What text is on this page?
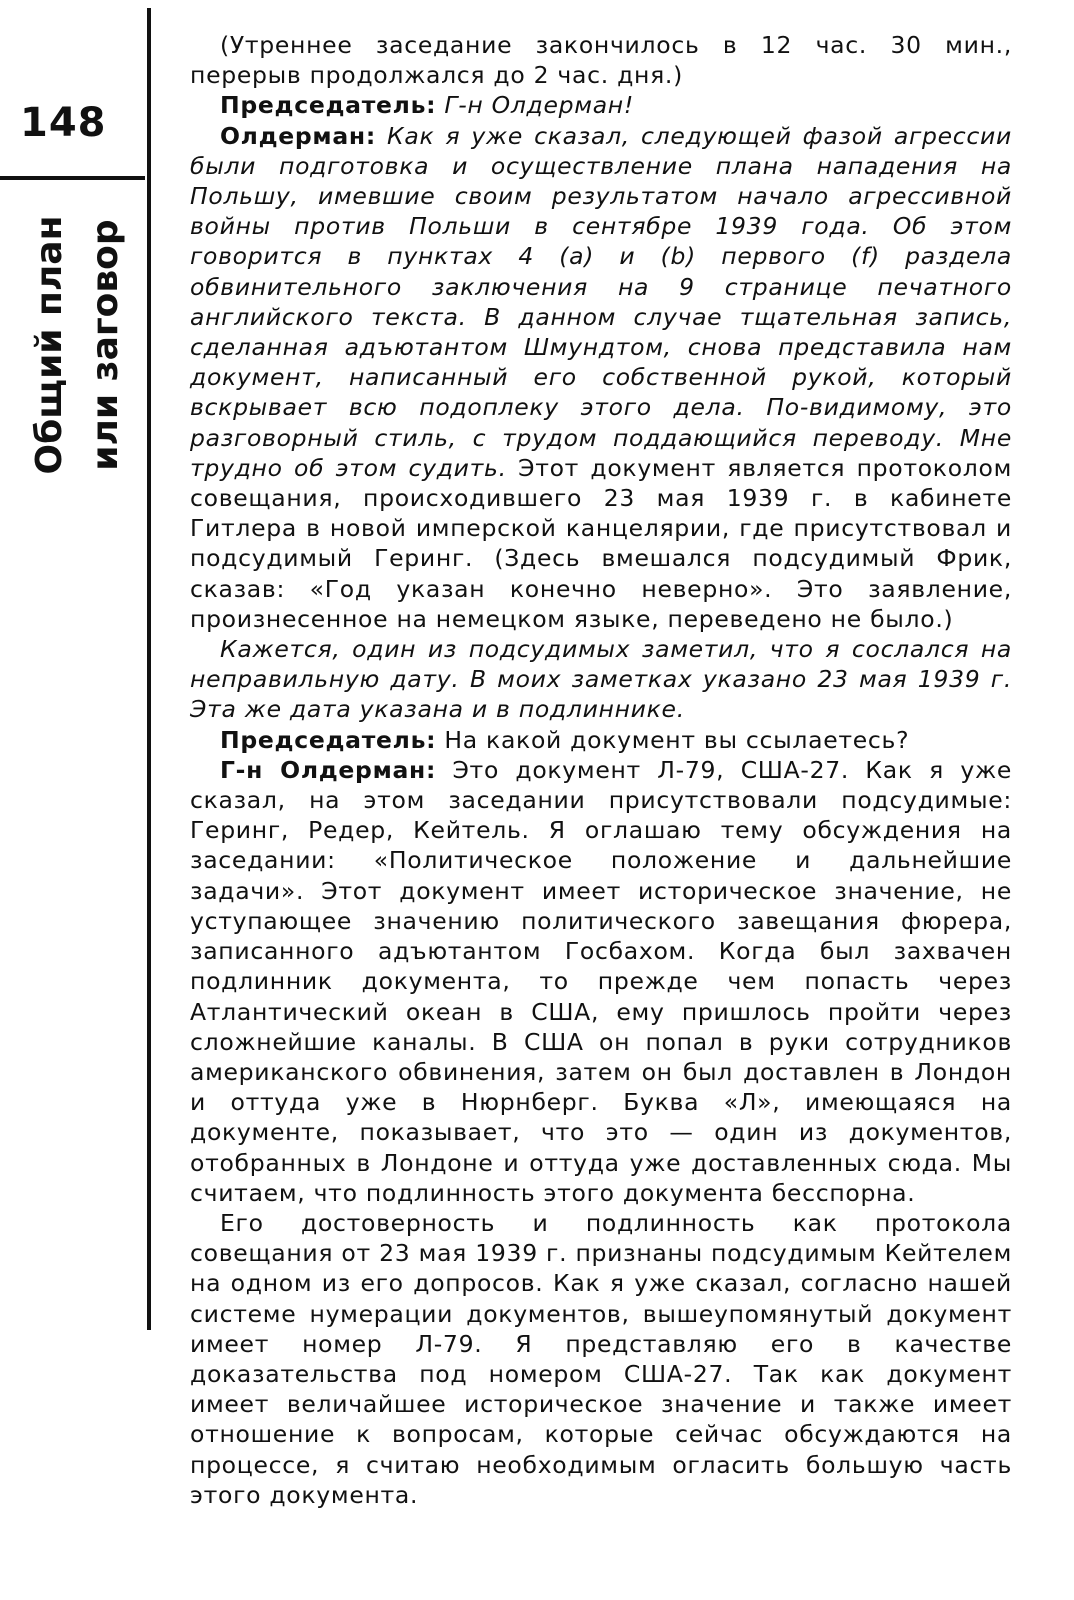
148
Общий план или заговор

(Утреннее заседание закончилось в 12 час. 30 мин., перерыв продолжался до 2 час. дня.)

Председатель: Г-н Олдерман!

Олдерман: Как я уже сказал, следующей фазой агрессии были подготовка и осуществление плана нападения на Польшу, имевшие своим результатом начало агрессивной войны против Польши в сентябре 1939 года. Об этом говорится в пунктах 4 (а) и (b) первого (f) раздела обвинительного заключения на 9 странице печатного английского текста. В данном случае тщательная запись, сделанная адъютантом Шмундтом, снова представила нам документ, написанный его собственной рукой, который вскрывает всю подоплеку этого дела. По-видимому, это разговорный стиль, с трудом поддающийся переводу. Мне трудно об этом судить. Этот документ является протоколом совещания, происходившего 23 мая 1939 г. в кабинете Гитлера в новой имперской канцелярии, где присутствовал и подсудимый Геринг. (Здесь вмешался подсудимый Фрик, сказав: «Год указан конечно неверно». Это заявление, произнесенное на немецком языке, переведено не было.)

Кажется, один из подсудимых заметил, что я сослался на неправильную дату. В моих заметках указано 23 мая 1939 г. Эта же дата указана и в подлиннике.

Председатель: На какой документ вы ссылаетесь?

Г-н Олдерман: Это документ Л-79, США-27. Как я уже сказал, на этом заседании присутствовали подсудимые: Геринг, Редер, Кейтель. Я оглашаю тему обсуждения на заседании: «Политическое положение и дальнейшие задачи». Этот документ имеет историческое значение, не уступающее значению политического завещания фюрера, записанного адъютантом Госбахом. Когда был захвачен подлинник документа, то прежде чем попасть через Атлантический океан в США, ему пришлось пройти через сложнейшие каналы. В США он попал в руки сотрудников американского обвинения, затем он был доставлен в Лондон и оттуда уже в Нюрнберг. Буква «Л», имеющаяся на документе, показывает, что это — один из документов, отобранных в Лондоне и оттуда уже доставленных сюда. Мы считаем, что подлинность этого документа бесспорна.

Его достоверность и подлинность как протокола совещания от 23 мая 1939 г. признаны подсудимым Кейтелем на одном из его допросов. Как я уже сказал, согласно нашей системе нумерации документов, вышеупомянутый документ имеет номер Л-79. Я представляю его в качестве доказательства под номером США-27. Так как документ имеет величайшее историческое значение и также имеет отношение к вопросам, которые сейчас обсуждаются на процессе, я считаю необходимым огласить большую часть этого документа.
